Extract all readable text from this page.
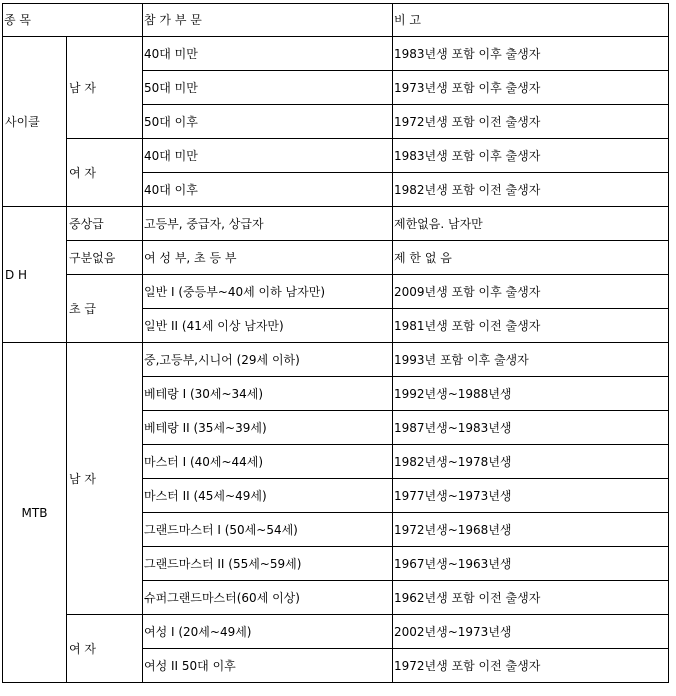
종 목		참 가 부 문	비 고
사이클	남 자	40대 미만	1983년생 포함 이후 출생자
		50대 미만	1973년생 포함 이후 출생자
		50대 이후	1972년생 포함 이전 출생자
	여 자	40대 미만	1983년생 포함 이후 출생자
		40대 이후	1982년생 포함 이전 출생자
D H	중상급	고등부, 중급자, 상급자	제한없음. 남자만
	구분없음	여 성 부, 초 등 부	제 한 없 음
	초 급	일반 I (중등부~40세 이하 남자만)	2009년생 포함 이후 출생자
		일반 II (41세 이상 남자만)	1981년생 포함 이전 출생자
MTB	남 자	중,고등부,시니어 (29세 이하)	1993년 포함 이후 출생자
		베테랑 I (30세~34세)	1992년생~1988년생
		베테랑 II (35세~39세)	1987년생~1983년생
		마스터 I (40세~44세)	1982년생~1978년생
		마스터 II (45세~49세)	1977년생~1973년생
		그랜드마스터 I (50세~54세)	1972년생~1968년생
		그랜드마스터 II (55세~59세)	1967년생~1963년생
		슈퍼그랜드마스터(60세 이상)	1962년생 포함 이전 출생자
	여 자	여성 I (20세~49세)	2002년생~1973년생
		여성 II 50대 이후	1972년생 포함 이전 출생자
